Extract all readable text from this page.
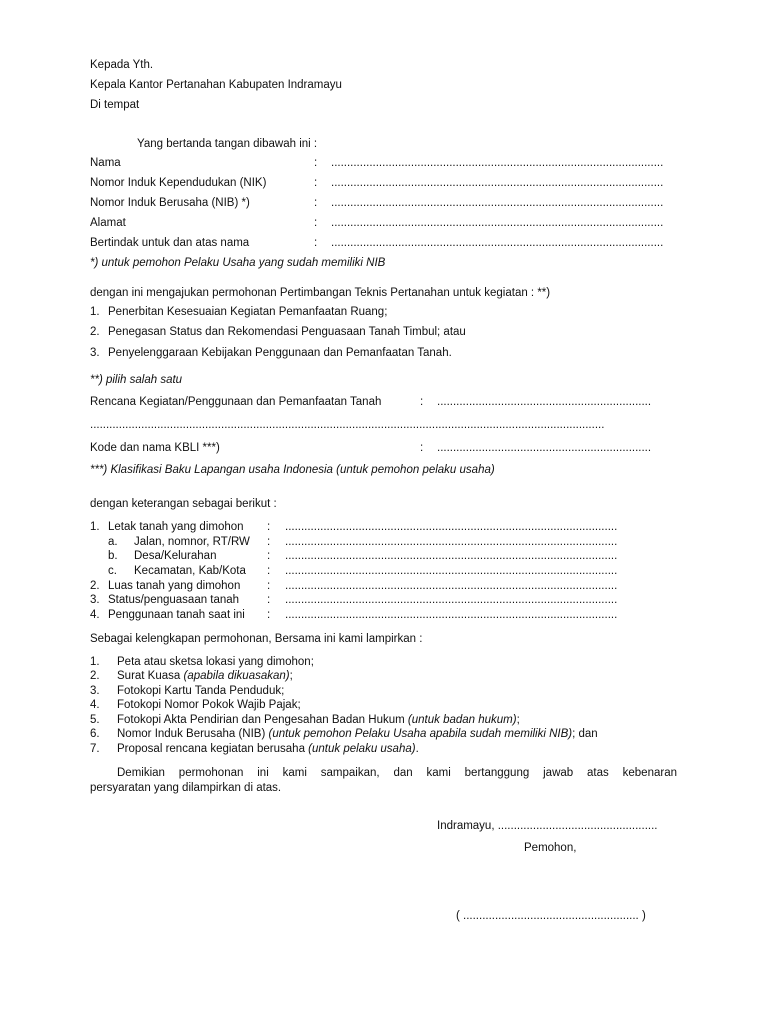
Kepada Yth.
Kepala Kantor Pertanahan Kabupaten Indramayu
Di tempat
Yang bertanda tangan dibawah ini :
Nama	: ........................................................................................................
Nomor Induk Kependudukan (NIK)	: ........................................................................................................
Nomor Induk Berusaha (NIB) *)	: ........................................................................................................
Alamat	: ........................................................................................................
Bertindak untuk dan atas nama	: ........................................................................................................
*) untuk pemohon Pelaku Usaha yang sudah memiliki NIB
dengan ini mengajukan permohonan Pertimbangan Teknis Pertanahan untuk kegiatan : **)
1. Penerbitan Kesesuaian Kegiatan Pemanfaatan Ruang;
2. Penegasan Status dan Rekomendasi Penguasaan Tanah Timbul; atau
3. Penyelenggaraan Kebijakan Penggunaan dan Pemanfaatan Tanah.
**) pilih salah satu
Rencana Kegiatan/Penggunaan dan Pemanfaatan Tanah	: ...................................................................
.................................................................................................................................................................
Kode dan nama KBLI ***)	: ...................................................................
***) Klasifikasi Baku Lapangan usaha Indonesia (untuk pemohon pelaku usaha)
dengan keterangan sebagai berikut :
1. Letak tanah yang dimohon : ........................................................................................................
a. Jalan, nomnor, RT/RW : ........................................................................................................
b. Desa/Kelurahan	: ........................................................................................................
c. Kecamatan, Kab/Kota : ........................................................................................................
2. Luas tanah yang dimohon : ........................................................................................................
3. Status/penguasaan tanah : ........................................................................................................
4. Penggunaan tanah saat ini : ........................................................................................................
Sebagai kelengkapan permohonan, Bersama ini kami lampirkan :
1. Peta atau sketsa lokasi yang dimohon;
2. Surat Kuasa (apabila dikuasakan);
3. Fotokopi Kartu Tanda Penduduk;
4. Fotokopi Nomor Pokok Wajib Pajak;
5. Fotokopi Akta Pendirian dan Pengesahan Badan Hukum (untuk badan hukum);
6. Nomor Induk Berusaha (NIB) (untuk pemohon Pelaku Usaha apabila sudah memiliki NIB); dan
7. Proposal rencana kegiatan berusaha (untuk pelaku usaha).
Demikian permohonan ini kami sampaikan, dan kami bertanggung jawab atas kebenaran
persyaratan yang dilampirkan di atas.
Indramayu, ..................................................
Pemohon,
( ....................................................... )
